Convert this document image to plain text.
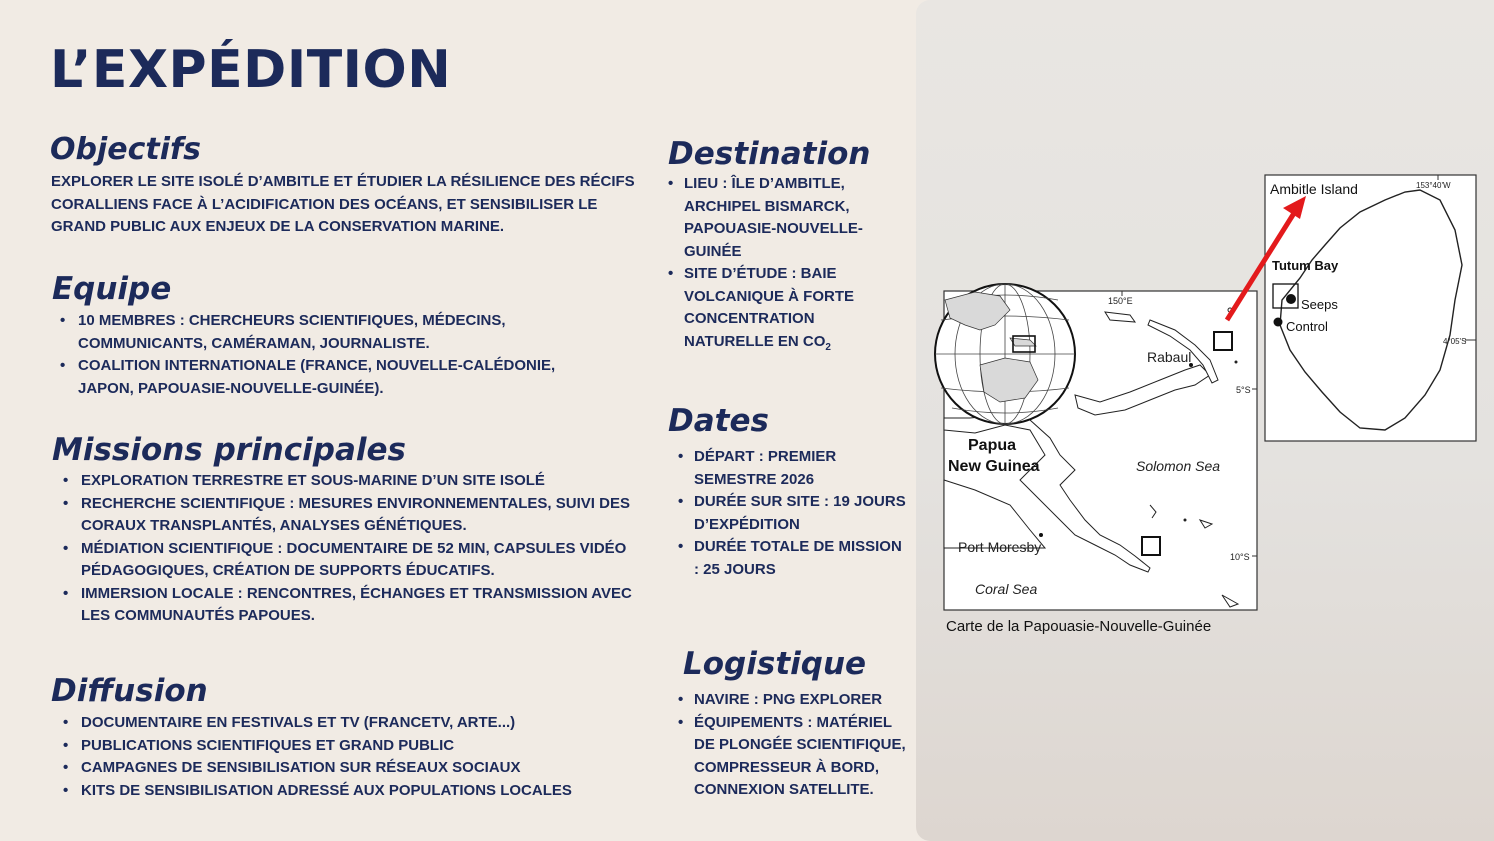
L’EXPÉDITION
Objectifs
EXPLORER LE SITE ISOLÉ D’AMBITLE ET ÉTUDIER LA RÉSILIENCE DES RÉCIFS CORALLIENS FACE À L’ACIDIFICATION DES OCÉANS, ET SENSIBILISER LE GRAND PUBLIC AUX ENJEUX DE LA CONSERVATION MARINE.
Equipe
• 10 MEMBRES : CHERCHEURS SCIENTIFIQUES, MÉDECINS, COMMUNICANTS, CAMÉRAMAN, JOURNALISTE.
• COALITION INTERNATIONALE (FRANCE, NOUVELLE-CALÉDONIE, JAPON, PAPOUASIE-NOUVELLE-GUINÉE).
Missions principales
• EXPLORATION TERRESTRE ET SOUS-MARINE D’UN SITE ISOLÉ
• RECHERCHE SCIENTIFIQUE : MESURES ENVIRONNEMENTALES, SUIVI DES CORAUX TRANSPLANTÉS, ANALYSES GÉNÉTIQUES.
• MÉDIATION SCIENTIFIQUE : DOCUMENTAIRE DE 52 MIN, CAPSULES VIDÉO PÉDAGOGIQUES, CRÉATION DE SUPPORTS ÉDUCATIFS.
• IMMERSION LOCALE : RENCONTRES, ÉCHANGES ET TRANSMISSION AVEC LES COMMUNAUTÉS PAPOUES.
Diffusion
• DOCUMENTAIRE EN FESTIVALS ET TV (FRANCETV, ARTE...)
• PUBLICATIONS SCIENTIFIQUES ET GRAND PUBLIC
• CAMPAGNES DE SENSIBILISATION SUR RÉSEAUX SOCIAUX
• KITS DE SENSIBILISATION ADRESSÉ AUX POPULATIONS LOCALES
Destination
• LIEU : ÎLE D’AMBITLE, ARCHIPEL BISMARCK, PAPOUASIE-NOUVELLE-GUINÉE
• SITE D’ÉTUDE : BAIE VOLCANIQUE À FORTE CONCENTRATION NATURELLE EN $CO_2$
Dates
• DÉPART : PREMIER SEMESTRE 2026
• DURÉE SUR SITE : 19 JOURS D’EXPÉDITION
• DURÉE TOTALE DE MISSION : 25 JOURS
Logistique
• NAVIRE : PNG EXPLORER
• ÉQUIPEMENTS : MATÉRIEL DE PLONGÉE SCIENTIFIQUE, COMPRESSEUR À BORD, CONNEXION SATELLITE.
150°E
5°S
10°S
Rabaul
Papua
New Guinea	Solomon Sea
Port Moresby
Coral Sea
Ambitle Island
Tutum Bay
Seeps
Control
153°40'W
4°05'S
Carte de la Papouasie-Nouvelle-Guinée
